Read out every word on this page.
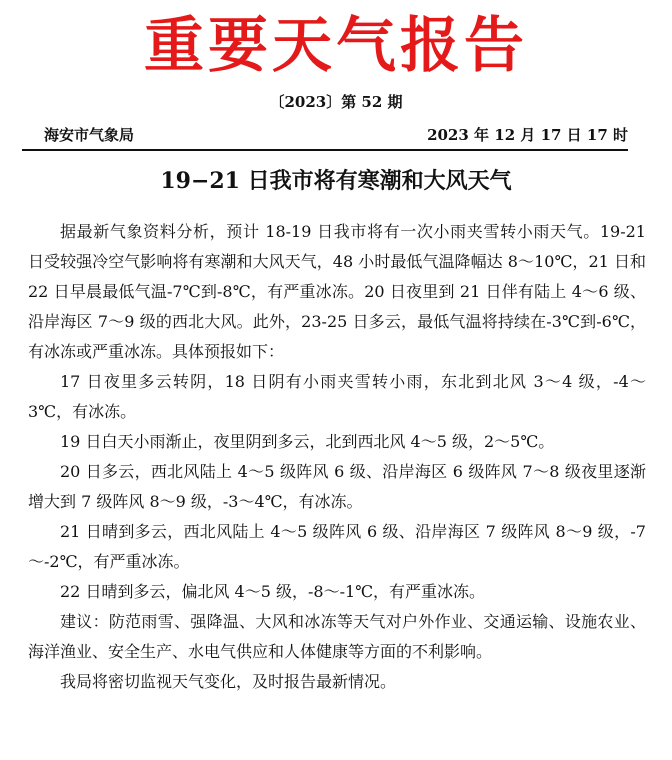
重要天气报告
〔2023〕第 52 期
海安市气象局	2023 年 12 月 17 日 17 时
19−21 日我市将有寒潮和大风天气

据最新气象资料分析，预计 18-19 日我市将有一次小雨夹雪转小雨天气。19-21 日受较强冷空气影响将有寒潮和大风天气，48 小时最低气温降幅达 8～10℃，21 日和 22 日早晨最低气温-7℃到-8℃，有严重冰冻。20 日夜里到 21 日伴有陆上 4～6 级、沿岸海区 7～9 级的西北大风。此外，23-25 日多云，最低气温将持续在-3℃到-6℃，有冰冻或严重冰冻。具体预报如下：

17 日夜里多云转阴，18 日阴有小雨夹雪转小雨，东北到北风 3～4 级，-4～3℃，有冰冻。

19 日白天小雨渐止，夜里阴到多云，北到西北风 4～5 级，2～5℃。

20 日多云，西北风陆上 4～5 级阵风 6 级、沿岸海区 6 级阵风 7～8 级夜里逐渐增大到 7 级阵风 8～9 级，-3～4℃，有冰冻。

21 日晴到多云，西北风陆上 4～5 级阵风 6 级、沿岸海区 7 级阵风 8～9 级，-7～-2℃，有严重冰冻。

22 日晴到多云，偏北风 4～5 级，-8～-1℃，有严重冰冻。

建议：防范雨雪、强降温、大风和冰冻等天气对户外作业、交通运输、设施农业、海洋渔业、安全生产、水电气供应和人体健康等方面的不利影响。

我局将密切监视天气变化，及时报告最新情况。
